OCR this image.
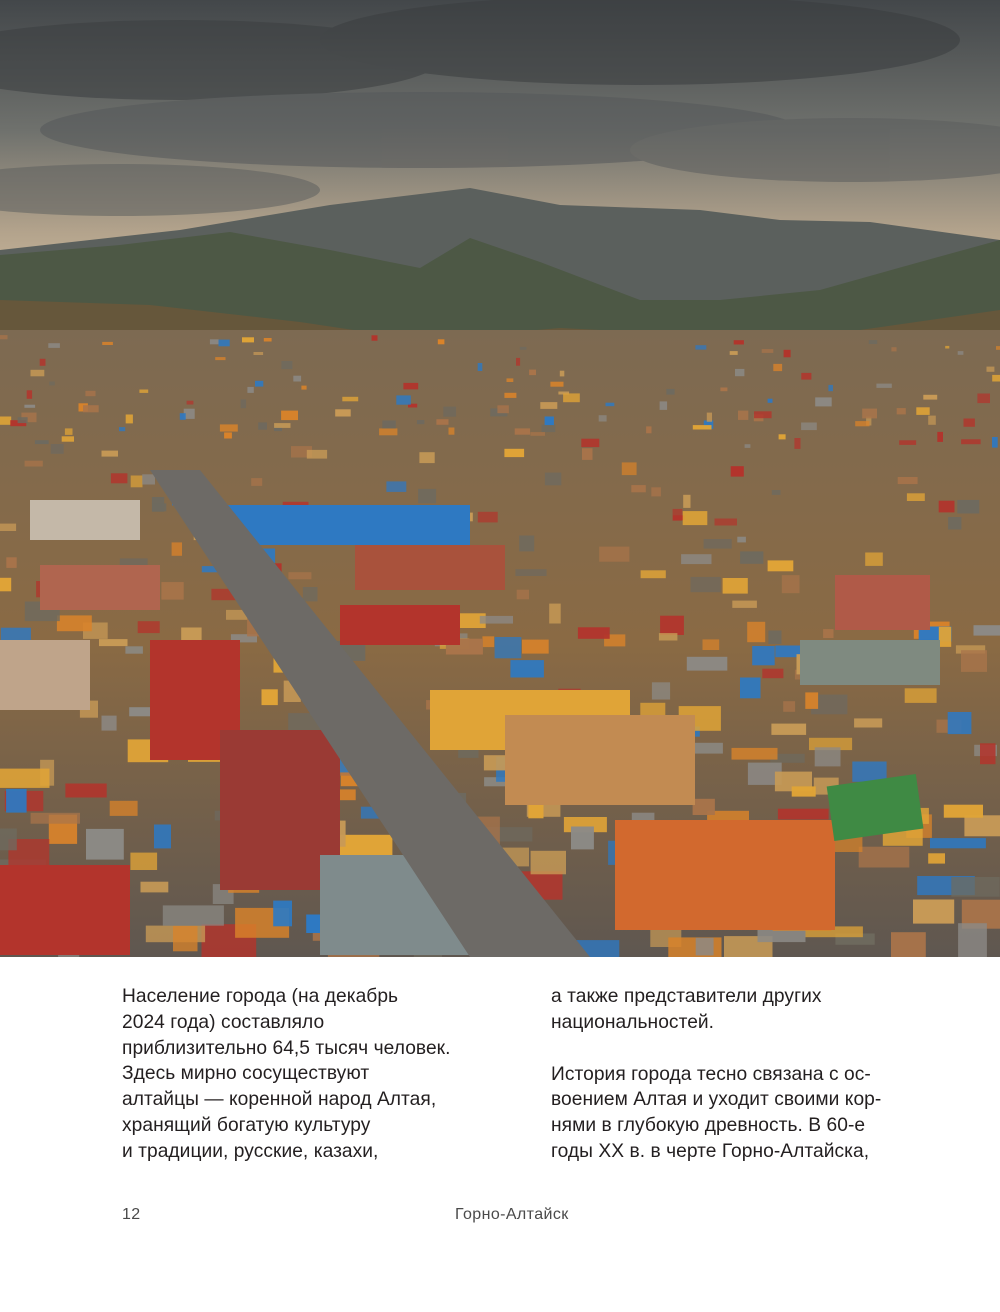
Население города (на декабрь
2024 года) составляло
приблизительно 64,5 тысяч человек.
Здесь мирно сосуществуют
алтайцы — коренной народ Алтая,
хранящий богатую культуру
и традиции, русские, казахи,
а также представители других
национальностей.
История города тесно связана с ос-
воением Алтая и уходит своими кор-
нями в глубокую древность. В 60-е
годы XX в. в черте Горно-Алтайска,
12	Горно-Алтайск
